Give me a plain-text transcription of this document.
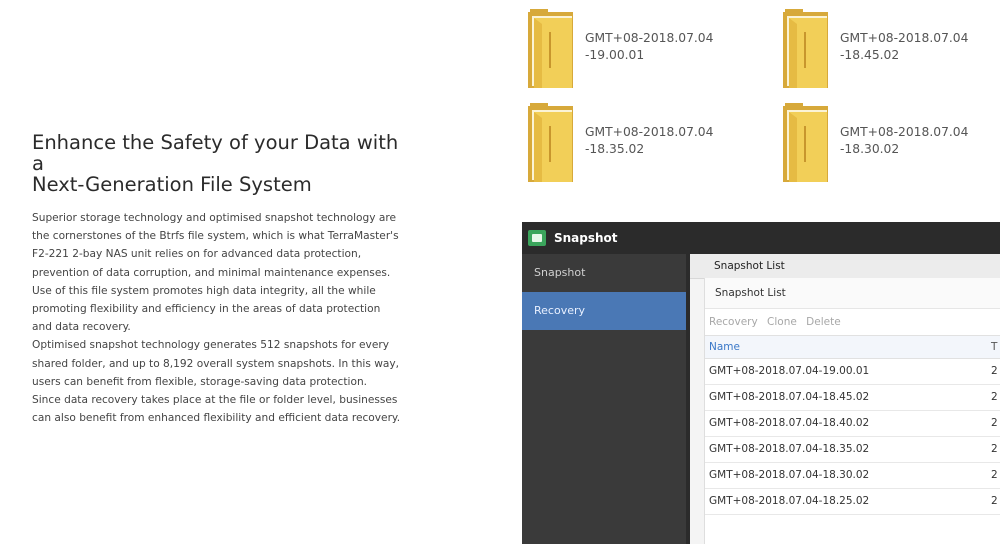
Enhance the Safety of your Data with a
Next-Generation File System

Superior storage technology and optimised snapshot technology are

the cornerstones of the Btrfs file system, which is what TerraMaster's

F2-221 2-bay NAS unit relies on for advanced data protection,

prevention of data corruption, and minimal maintenance expenses.

Use of this file system promotes high data integrity, all the while

promoting flexibility and efficiency in the areas of data protection

and data recovery.

Optimised snapshot technology generates 512 snapshots for every

shared folder, and up to 8,192 overall system snapshots. In this way,

users can benefit from flexible, storage-saving data protection.

Since data recovery takes place at the file or folder level, businesses

can also benefit from enhanced flexibility and efficient data recovery.

GMT+08-2018.07.04
-19.00.01
GMT+08-2018.07.04
-18.45.02
GMT+08-2018.07.04
-18.35.02
GMT+08-2018.07.04
-18.30.02
Snapshot
Snapshot
Recovery
Snapshot List
Snapshot List
Recovery Clone Delete
Name	T
GMT+08-2018.07.04-19.00.01	2
GMT+08-2018.07.04-18.45.02	2
GMT+08-2018.07.04-18.40.02	2
GMT+08-2018.07.04-18.35.02	2
GMT+08-2018.07.04-18.30.02	2
GMT+08-2018.07.04-18.25.02	2
